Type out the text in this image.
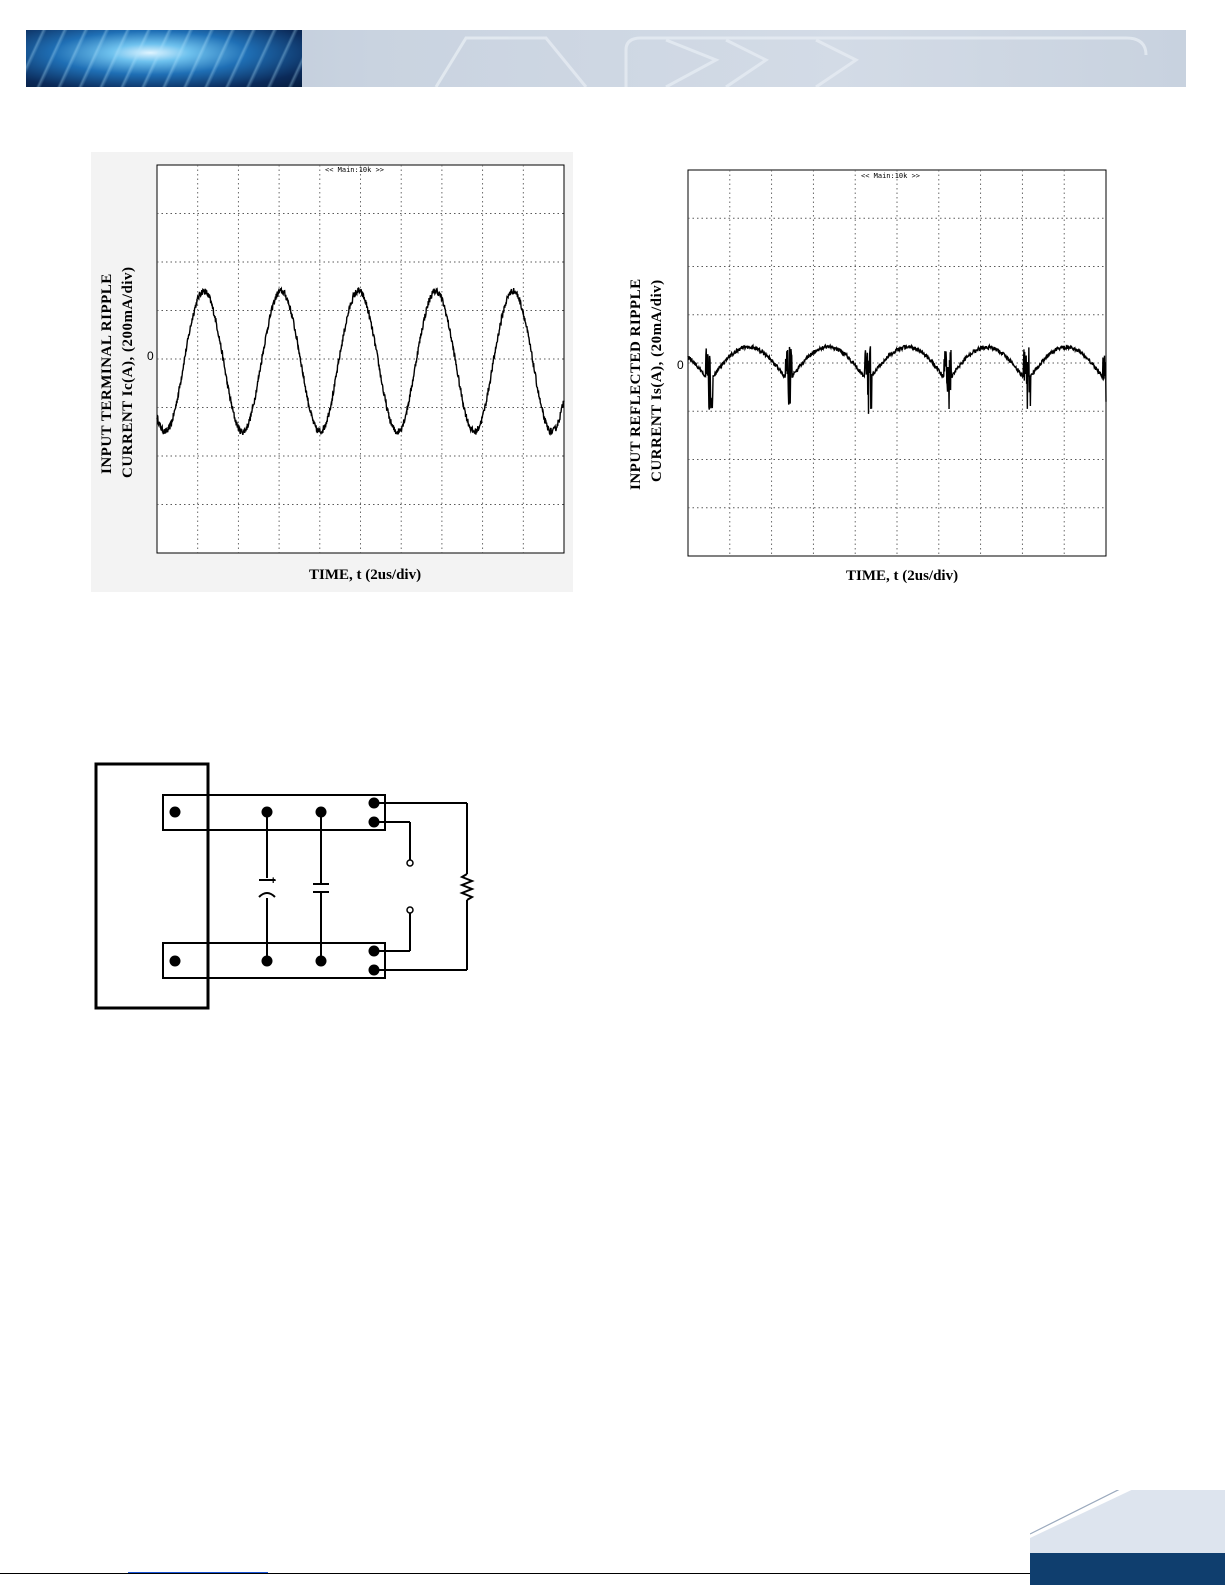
<< Main:10k >>
0
INPUT TERMINAL RIPPLE CURRENT Ic(A), (200mA/div)
TIME, t (2us/div)
<< Main:10k >>
0
INPUT REFLECTED RIPPLE CURRENT Is(A), (20mA/div)
TIME, t (2us/div)
+
